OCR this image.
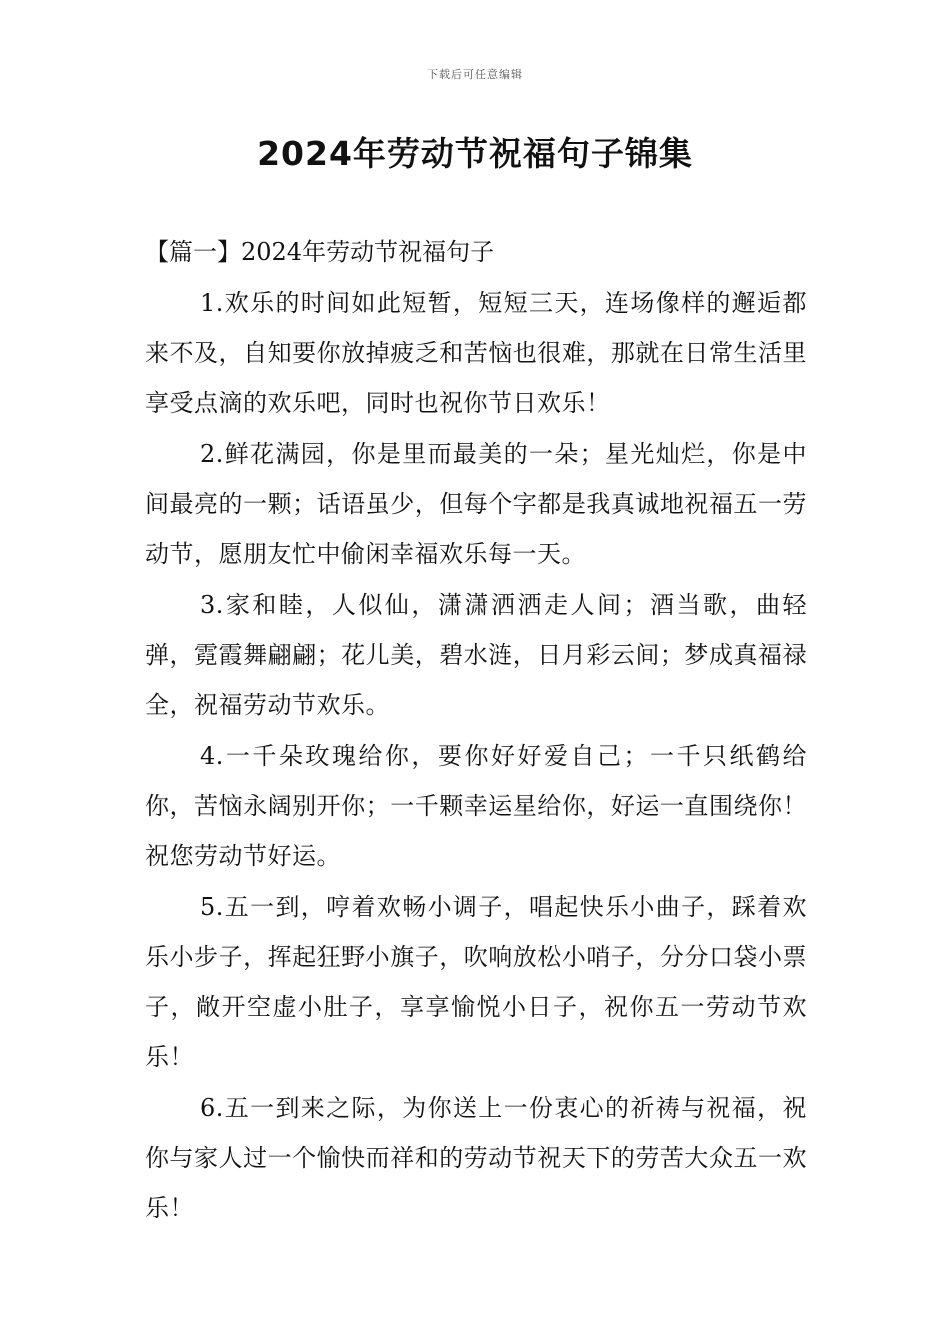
下载后可任意编辑
2024年劳动节祝福句子锦集

【篇一】2024年劳动节祝福句子

1.欢乐的时间如此短暂，短短三天，连场像样的邂逅都来不及，自知要你放掉疲乏和苦恼也很难，那就在日常生活里享受点滴的欢乐吧，同时也祝你节日欢乐！

2.鲜花满园，你是里而最美的一朵；星光灿烂，你是中间最亮的一颗；话语虽少，但每个字都是我真诚地祝福五一劳动节，愿朋友忙中偷闲幸福欢乐每一天。

3.家和睦，人似仙，潇潇洒洒走人间；酒当歌，曲轻弹，霓霞舞翩翩；花儿美，碧水涟，日月彩云间；梦成真福禄全，祝福劳动节欢乐。

4.一千朵玫瑰给你，要你好好爱自己；一千只纸鹤给你，苦恼永阔别开你；一千颗幸运星给你，好运一直围绕你！祝您劳动节好运。

5.五一到，哼着欢畅小调子，唱起快乐小曲子，踩着欢乐小步子，挥起狂野小旗子，吹响放松小哨子，分分口袋小票子，敞开空虚小肚子，享享愉悦小日子，祝你五一劳动节欢乐！

6.五一到来之际，为你送上一份衷心的祈祷与祝福，祝你与家人过一个愉快而祥和的劳动节祝天下的劳苦大众五一欢乐！
